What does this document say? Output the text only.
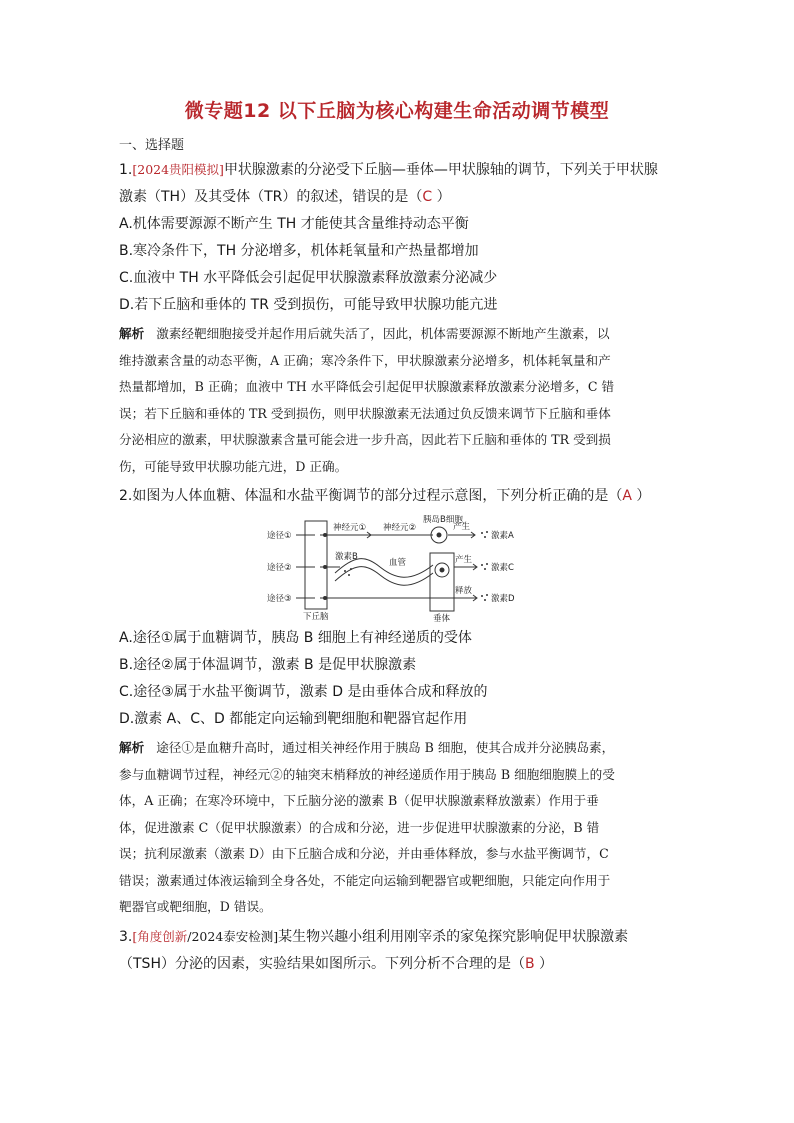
微专题12 以下丘脑为核心构建生命活动调节模型
一、选择题
1.[2024贵阳模拟]甲状腺激素的分泌受下丘脑—垂体—甲状腺轴的调节，下列关于甲状腺
激素（TH）及其受体（TR）的叙述，错误的是（C ）
A.机体需要源源不断产生 TH 才能使其含量维持动态平衡
B.寒冷条件下，TH 分泌增多，机体耗氧量和产热量都增加
C.血液中 TH 水平降低会引起促甲状腺激素释放激素分泌减少
D.若下丘脑和垂体的 TR 受到损伤，可能导致甲状腺功能亢进
解析 激素经靶细胞接受并起作用后就失活了，因此，机体需要源源不断地产生激素，以
维持激素含量的动态平衡，A 正确；寒冷条件下，甲状腺激素分泌增多，机体耗氧量和产
热量都增加，B 正确；血液中 TH 水平降低会引起促甲状腺激素释放激素分泌增多，C 错
误；若下丘脑和垂体的 TR 受到损伤，则甲状腺激素无法通过负反馈来调节下丘脑和垂体
分泌相应的激素，甲状腺激素含量可能会进一步升高，因此若下丘脑和垂体的 TR 受到损
伤，可能导致甲状腺功能亢进，D 正确。
2.如图为人体血糖、体温和水盐平衡调节的部分过程示意图，下列分析正确的是（A ）
途径①
途径②
途径③
神经元① 神经元②
胰岛B细胞
产生
激素A
激素B
血管	产生
激素C
释放
激素D
下丘脑	垂体
A.途径①属于血糖调节，胰岛 B 细胞上有神经递质的受体
B.途径②属于体温调节，激素 B 是促甲状腺激素
C.途径③属于水盐平衡调节，激素 D 是由垂体合成和释放的
D.激素 A、C、D 都能定向运输到靶细胞和靶器官起作用
解析 途径①是血糖升高时，通过相关神经作用于胰岛 B 细胞，使其合成并分泌胰岛素，
参与血糖调节过程，神经元②的轴突末梢释放的神经递质作用于胰岛 B 细胞细胞膜上的受
体，A 正确；在寒冷环境中，下丘脑分泌的激素 B（促甲状腺激素释放激素）作用于垂
体，促进激素 C（促甲状腺激素）的合成和分泌，进一步促进甲状腺激素的分泌，B 错
误；抗利尿激素（激素 D）由下丘脑合成和分泌，并由垂体释放，参与水盐平衡调节，C
错误；激素通过体液运输到全身各处，不能定向运输到靶器官或靶细胞，只能定向作用于
靶器官或靶细胞，D 错误。
3.[角度创新/2024泰安检测]某生物兴趣小组利用刚宰杀的家兔探究影响促甲状腺激素
（TSH）分泌的因素，实验结果如图所示。下列分析不合理的是（B ）
